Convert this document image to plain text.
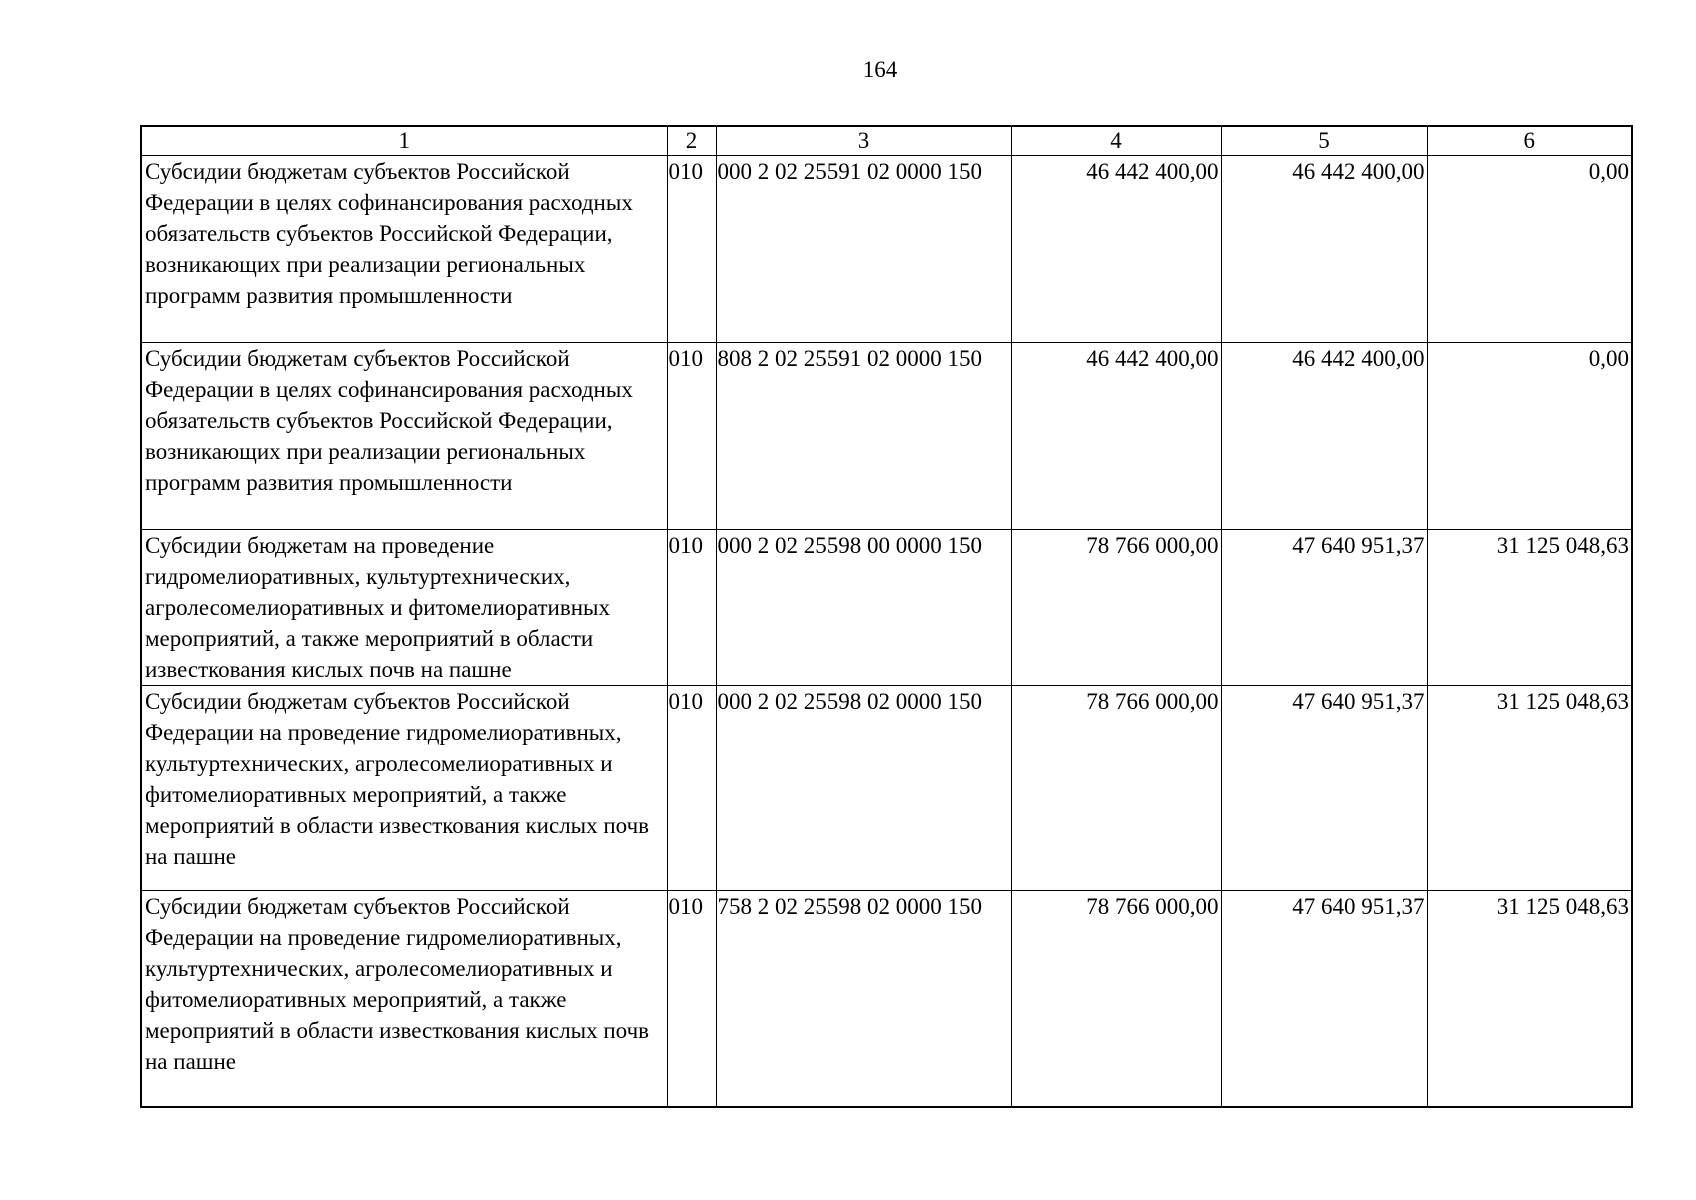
164
1	2	3	4	5	6
Субсидии бюджетам субъектов Российской Федерации в целях софинансирования расходных обязательств субъектов Российской Федерации, возникающих при реализации региональных программ развития промышленности	010	000 2 02 25591 02 0000 150	46 442 400,00	46 442 400,00	0,00
Субсидии бюджетам субъектов Российской Федерации в целях софинансирования расходных обязательств субъектов Российской Федерации, возникающих при реализации региональных программ развития промышленности	010	808 2 02 25591 02 0000 150	46 442 400,00	46 442 400,00	0,00
Субсидии бюджетам на проведение гидромелиоративных, культуртехнических, агролесомелиоративных и фитомелиоративных мероприятий, а также мероприятий в области известкования кислых почв на пашне	010	000 2 02 25598 00 0000 150	78 766 000,00	47 640 951,37	31 125 048,63
Субсидии бюджетам субъектов Российской Федерации на проведение гидромелиоративных, культуртехнических, агролесомелиоративных и фитомелиоративных мероприятий, а также мероприятий в области известкования кислых почв на пашне	010	000 2 02 25598 02 0000 150	78 766 000,00	47 640 951,37	31 125 048,63
Субсидии бюджетам субъектов Российской Федерации на проведение гидромелиоративных, культуртехнических, агролесомелиоративных и фитомелиоративных мероприятий, а также мероприятий в области известкования кислых почв на пашне	010	758 2 02 25598 02 0000 150	78 766 000,00	47 640 951,37	31 125 048,63
